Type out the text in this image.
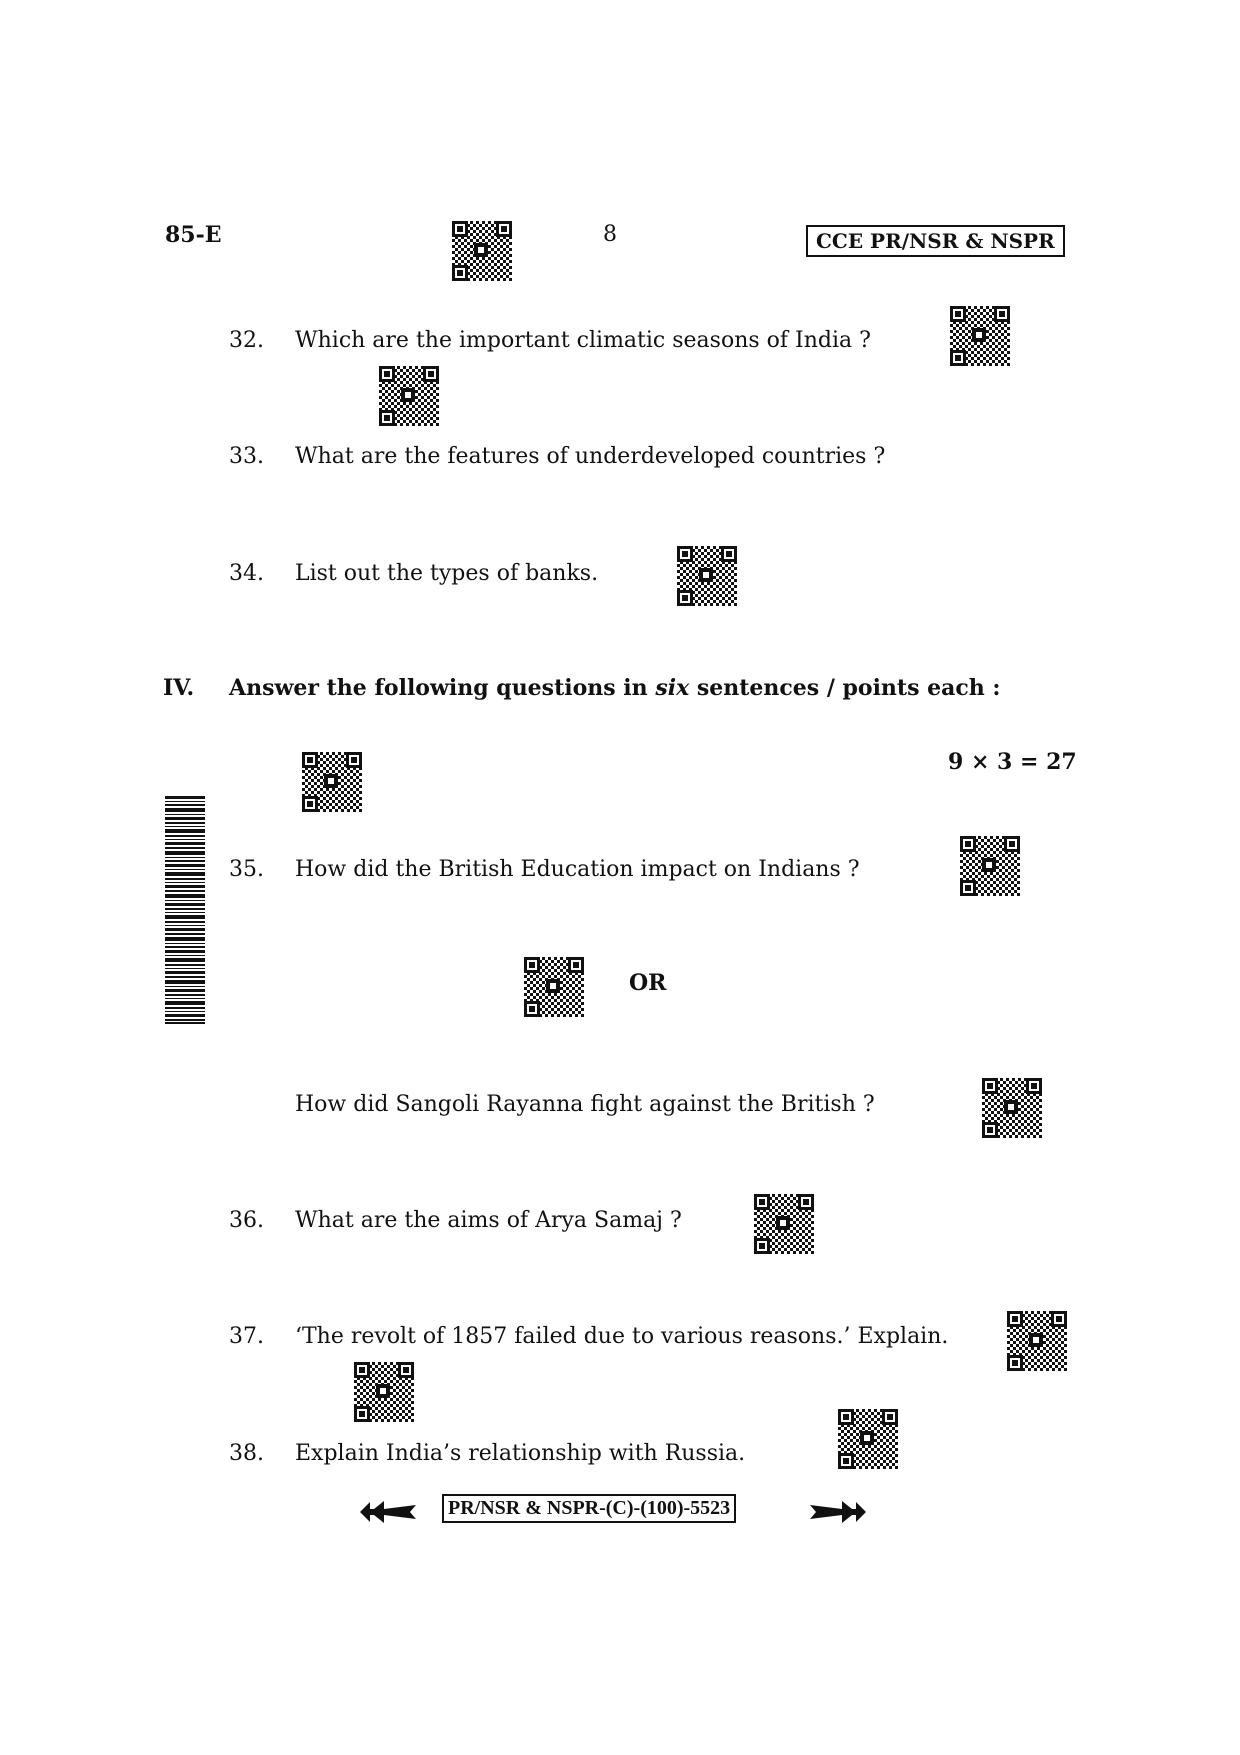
85-E	8	CCE PR/NSR & NSPR
32. Which are the important climatic seasons of India ?
33. What are the features of underdeveloped countries ?
34. List out the types of banks.
IV. Answer the following questions in six sentences / points each :
9 × 3 = 27
35. How did the British Education impact on Indians ?
OR
How did Sangoli Rayanna fight against the British ?
36. What are the aims of Arya Samaj ?
37. ‘The revolt of 1857 failed due to various reasons.’ Explain.
38. Explain India’s relationship with Russia.
PR/NSR & NSPR-(C)-(100)-5523
